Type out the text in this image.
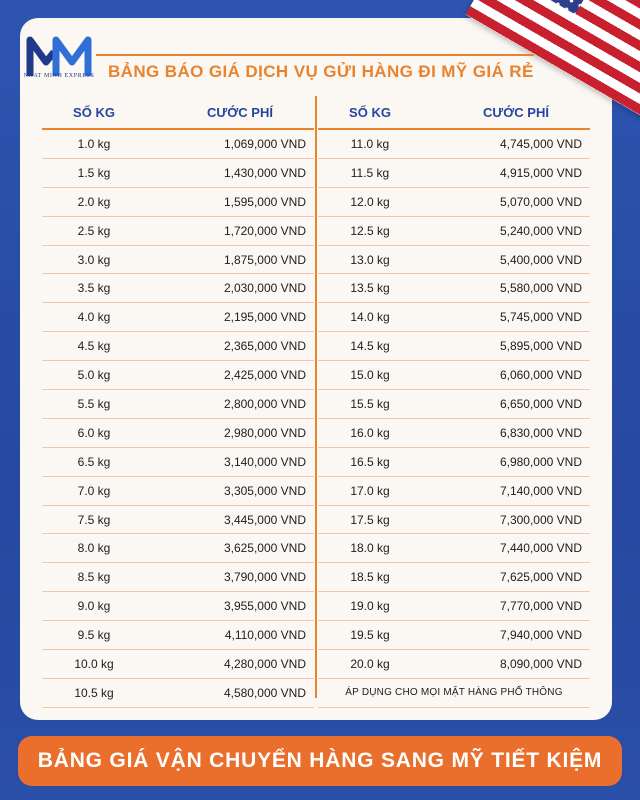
NHAT MINH EXPRESS BẢNG BÁO GIÁ DỊCH VỤ GỬI HÀNG ĐI MỸ GIÁ RẺ
SỐ KG	CƯỚC PHÍ
1.0 kg	1,069,000 VND
1.5 kg	1,430,000 VND
2.0 kg	1,595,000 VND
2.5 kg	1,720,000 VND
3.0 kg	1,875,000 VND
3.5 kg	2,030,000 VND
4.0 kg	2,195,000 VND
4.5 kg	2,365,000 VND
5.0 kg	2,425,000 VND
5.5 kg	2,800,000 VND
6.0 kg	2,980,000 VND
6.5 kg	3,140,000 VND
7.0 kg	3,305,000 VND
7.5 kg	3,445,000 VND
8.0 kg	3,625,000 VND
8.5 kg	3,790,000 VND
9.0 kg	3,955,000 VND
9.5 kg	4,110,000 VND
10.0 kg	4,280,000 VND
10.5 kg	4,580,000 VND
SỐ KG	CƯỚC PHÍ
11.0 kg	4,745,000 VND
11.5 kg	4,915,000 VND
12.0 kg	5,070,000 VND
12.5 kg	5,240,000 VND
13.0 kg	5,400,000 VND
13.5 kg	5,580,000 VND
14.0 kg	5,745,000 VND
14.5 kg	5,895,000 VND
15.0 kg	6,060,000 VND
15.5 kg	6,650,000 VND
16.0 kg	6,830,000 VND
16.5 kg	6,980,000 VND
17.0 kg	7,140,000 VND
17.5 kg	7,300,000 VND
18.0 kg	7,440,000 VND
18.5 kg	7,625,000 VND
19.0 kg	7,770,000 VND
19.5 kg	7,940,000 VND
20.0 kg	8,090,000 VND
ÁP DỤNG CHO MỌI MẶT HÀNG PHỔ THÔNG
BẢNG GIÁ VẬN CHUYỂN HÀNG SANG MỸ TIẾT KIỆM
